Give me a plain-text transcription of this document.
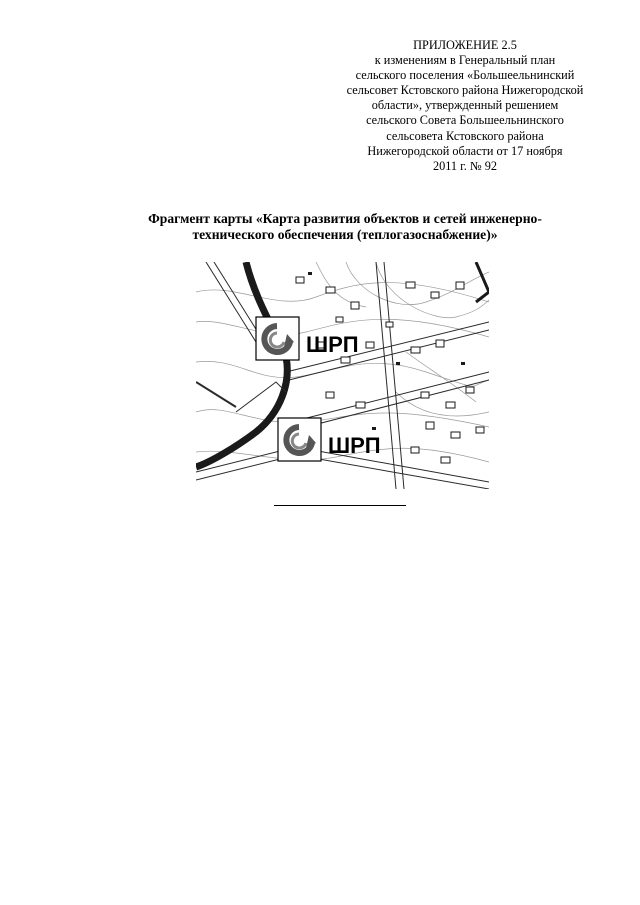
ПРИЛОЖЕНИЕ 2.5
к изменениям в Генеральный план
сельского поселения «Большеельнинский
сельсовет Кстовского района Нижегородской
области», утвержденный решением
сельского Совета Большеельнинского
сельсовета Кстовского района
Нижегородской области от 17 ноября
2011 г. № 92
Фрагмент карты «Карта развития объектов и сетей инженерно-
технического обеспечения (теплогазоснабжение)»
ШРП
ШРП
